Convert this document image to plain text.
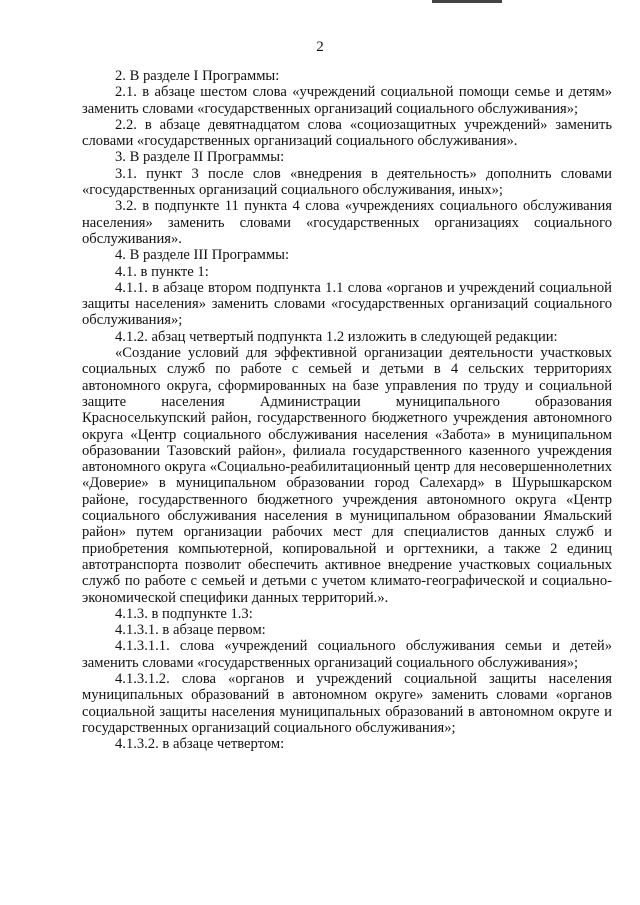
2

2. В разделе I Программы:

2.1. в абзаце шестом слова «учреждений социальной помощи семье и детям» заменить словами «государственных организаций социального обслуживания»;

2.2. в абзаце девятнадцатом слова «социозащитных учреждений» заменить словами «государственных организаций социального обслуживания».

3. В разделе II Программы:

3.1. пункт 3 после слов «внедрения в деятельность» дополнить словами «государственных организаций социального обслуживания, иных»;

3.2. в подпункте 11 пункта 4 слова «учреждениях социального обслуживания населения» заменить словами «государственных организациях социального обслуживания».

4. В разделе III Программы:

4.1. в пункте 1:

4.1.1. в абзаце втором подпункта 1.1 слова «органов и учреждений социальной защиты населения» заменить словами «государственных организаций социального обслуживания»;

4.1.2. абзац четвертый подпункта 1.2 изложить в следующей редакции:

«Создание условий для эффективной организации деятельности участковых социальных служб по работе с семьей и детьми в 4 сельских территориях автономного округа, сформированных на базе управления по труду и социальной защите населения Администрации муниципального образования Красноселькупский район, государственного бюджетного учреждения автономного округа «Центр социального обслуживания населения «Забота» в муниципальном образовании Тазовский район», филиала государственного казенного учреждения автономного округа «Социально-реабилитационный центр для несовершеннолетних «Доверие» в муниципальном образовании город Салехард» в Шурышкарском районе, государственного бюджетного учреждения автономного округа «Центр социального обслуживания населения в муниципальном образовании Ямальский район» путем организации рабочих мест для специалистов данных служб и приобретения компьютерной, копировальной и оргтехники, а также 2 единиц автотранспорта позволит обеспечить активное внедрение участковых социальных служб по работе с семьей и детьми с учетом климато-географической и социально-экономической специфики данных территорий.».

4.1.3. в подпункте 1.3:

4.1.3.1. в абзаце первом:

4.1.3.1.1. слова «учреждений социального обслуживания семьи и детей» заменить словами «государственных организаций социального обслуживания»;

4.1.3.1.2. слова «органов и учреждений социальной защиты населения муниципальных образований в автономном округе» заменить словами «органов социальной защиты населения муниципальных образований в автономном округе и государственных организаций социального обслуживания»;

4.1.3.2. в абзаце четвертом:
